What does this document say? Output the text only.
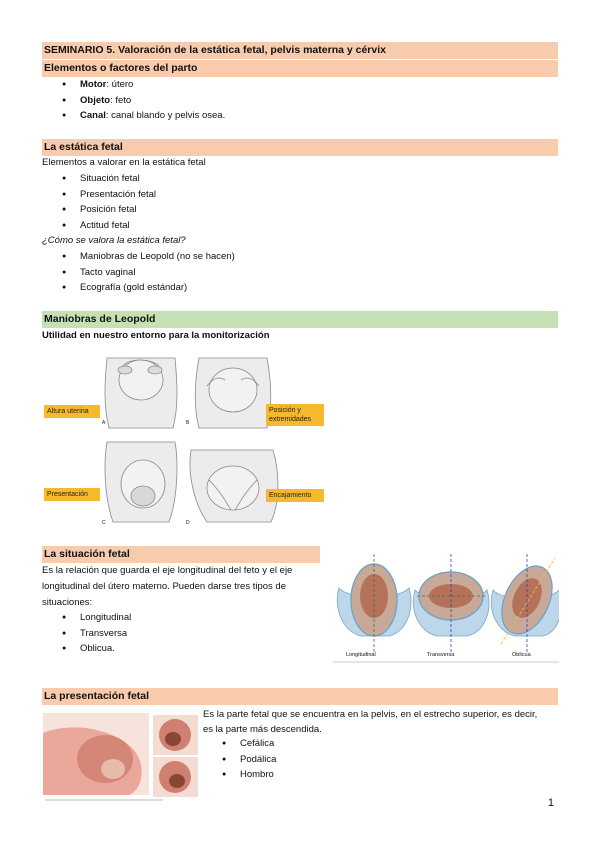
SEMINARIO 5. Valoración de la estática fetal, pelvis materna y cérvix
Elementos o factores del parto
● Motor: útero
● Objeto: feto
● Canal: canal blando y pelvis osea.
La estática fetal
Elementos a valorar en la estática fetal
● Situación fetal
● Presentación fetal
● Posición fetal
● Actitud fetal
¿Cómo se valora la estática fetal?
● Maniobras de Leopold (no se hacen)
● Tacto vaginal
● Ecografía (gold estándar)
Maniobras de Leopold
Utilidad en nuestro entorno para la monitorización
Altura uterina	Posición y extremidades
Presentación	Encajamiento
A	B
C	D
La situación fetal
Es la relación que guarda el eje longitudinal del feto y el eje
longitudinal del útero materno. Pueden darse tres tipos de
situaciones:
● Longitudinal
● Transversa
● Oblicua.
Longitudinal	Transversa	Oblicua
La presentación fetal
Es la parte fetal que se encuentra en la pelvis, en el estrecho superior, es decir,
es la parte más descendida.
● Cefálica
● Podálica
● Hombro
1
